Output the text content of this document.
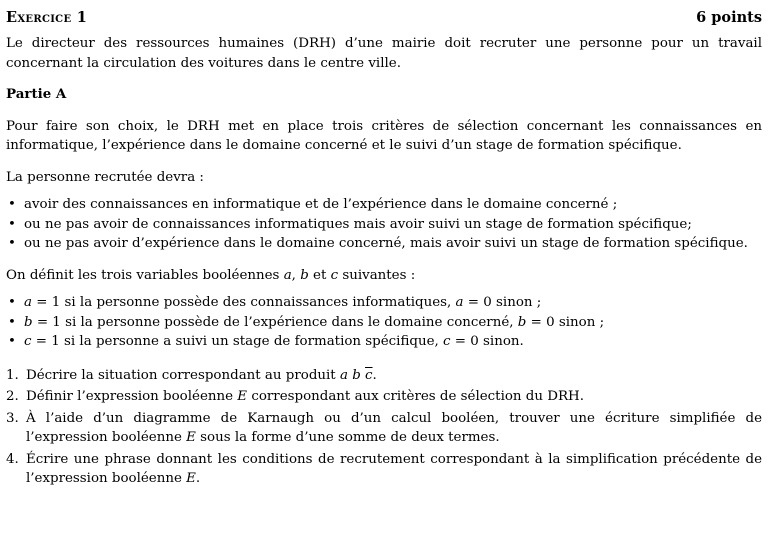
Exercice 1	6 points

Le directeur des ressources humaines (DRH) d’une mairie doit recruter une personne pour un travail concernant la circulation des voitures dans le centre ville.

Partie A

Pour faire son choix, le DRH met en place trois critères de sélection concernant les connaissances en informatique, l’expérience dans le domaine concerné et le suivi d’un stage de formation spécifique.

La personne recrutée devra :

• avoir des connaissances en informatique et de l’expérience dans le domaine concerné ;
• ou ne pas avoir de connaissances informatiques mais avoir suivi un stage de formation spécifique;
• ou ne pas avoir d’expérience dans le domaine concerné, mais avoir suivi un stage de formation spécifique.

On définit les trois variables booléennes a, b et c suivantes :

• a = 1 si la personne possède des connaissances informatiques, a = 0 sinon ;
• b = 1 si la personne possède de l’expérience dans le domaine concerné, b = 0 sinon ;
• c = 1 si la personne a suivi un stage de formation spécifique, c = 0 sinon.
1. Décrire la situation correspondant au produit a b $\overline{c}$.
2. Définir l’expression booléenne E correspondant aux critères de sélection du DRH.
3. À l’aide d’un diagramme de Karnaugh ou d’un calcul booléen, trouver une écriture simplifiée de l’expression booléenne E sous la forme d’une somme de deux termes.
4. Écrire une phrase donnant les conditions de recrutement correspondant à la simplification précédente de l’expression booléenne E.
